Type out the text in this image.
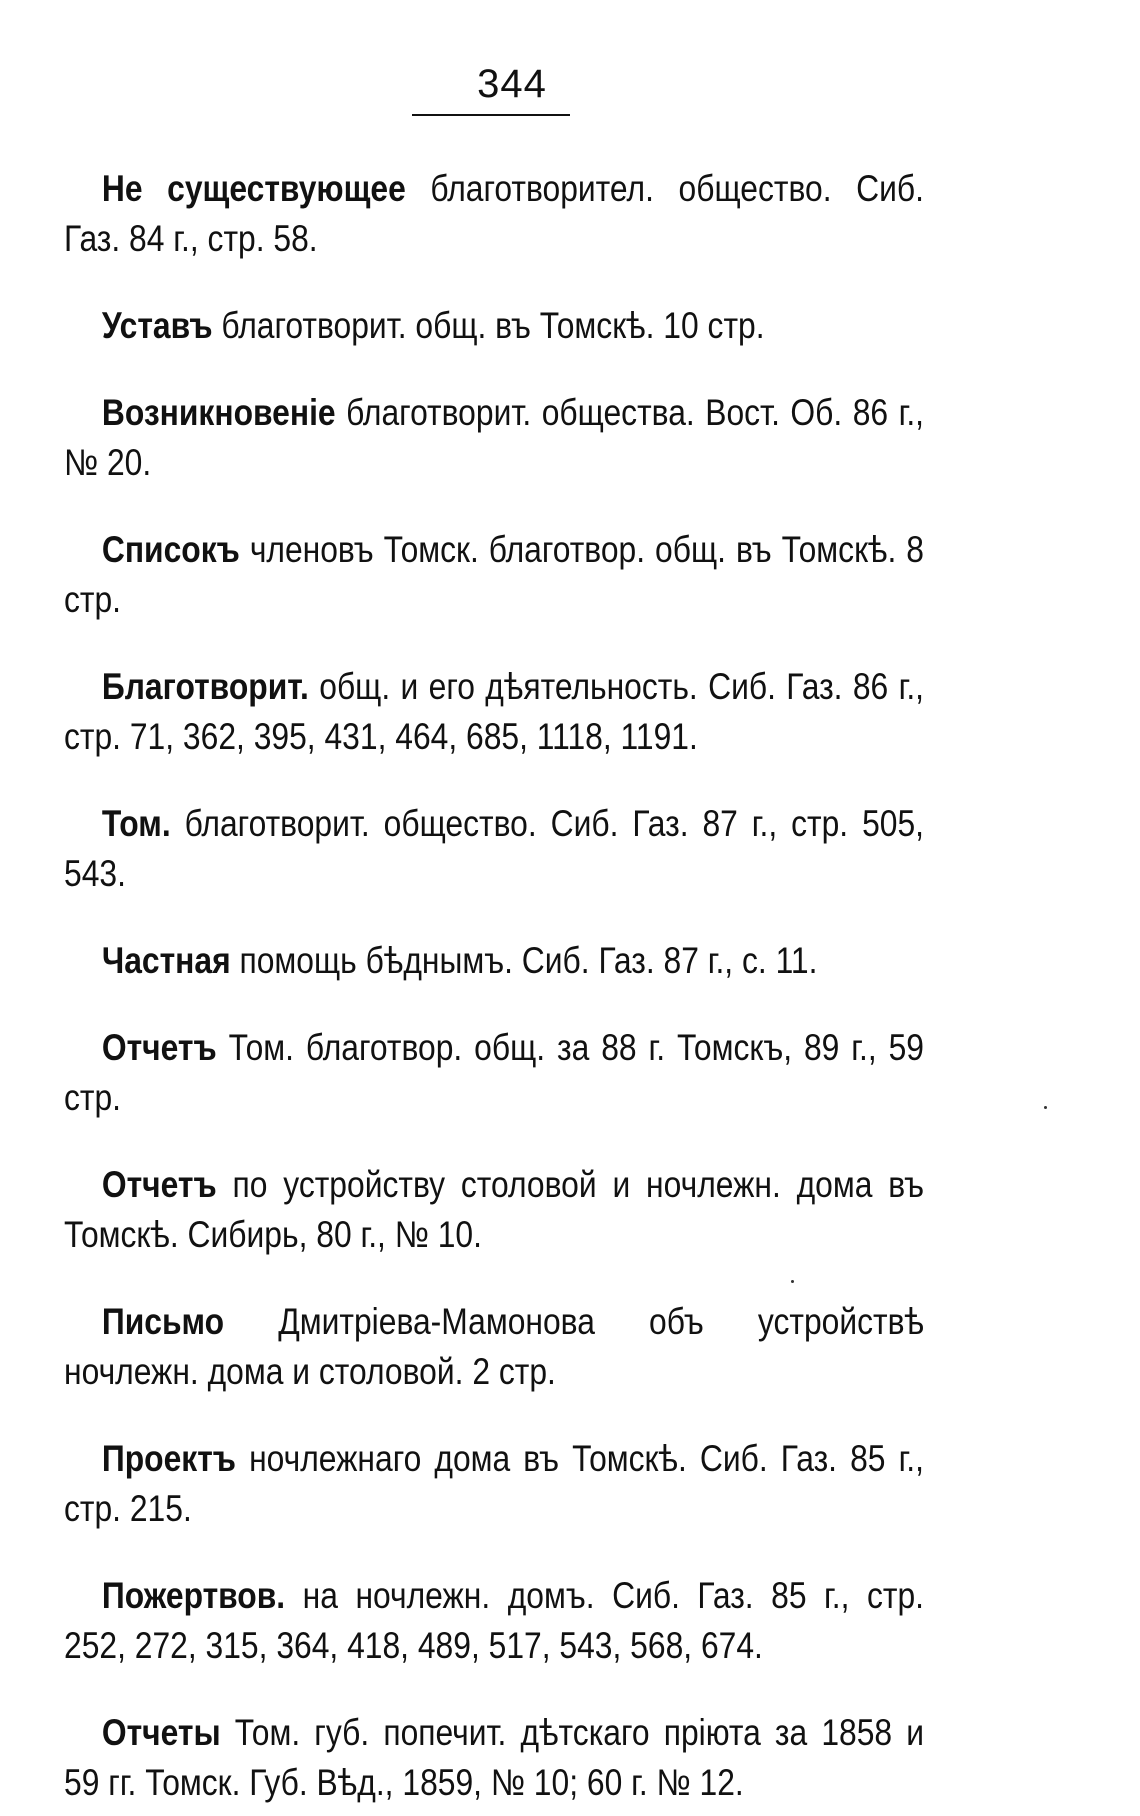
344

Не существующее благотворител. общество. Сиб. Газ. 84 г., стр. 58.

Уставъ благотворит. общ. въ Томскѣ. 10 стр.

Возникновеніе благотворит. общества. Вост. Об. 86 г., № 20.

Списокъ членовъ Томск. благотвор. общ. въ Томскѣ. 8 стр.

Благотворит. общ. и его дѣятельность. Сиб. Газ. 86 г., стр. 71, 362, 395, 431, 464, 685, 1118, 1191.

Том. благотворит. общество. Сиб. Газ. 87 г., стр. 505, 543.

Частная помощь бѣднымъ. Сиб. Газ. 87 г., с. 11.

Отчетъ Том. благотвор. общ. за 88 г. Томскъ, 89 г., 59 стр.

Отчетъ по устройству столовой и ночлежн. дома въ Томскѣ. Сибирь, 80 г., № 10.

Письмо Дмитріева-Мамонова объ устройствѣ ночлежн. дома и столовой. 2 стр.

Проектъ ночлежнаго дома въ Томскѣ. Сиб. Газ. 85 г., стр. 215.

Пожертвов. на ночлежн. домъ. Сиб. Газ. 85 г., стр. 252, 272, 315, 364, 418, 489, 517, 543, 568, 674.

Отчеты Том. губ. попечит. дѣтскаго пріюта за 1858 и 59 гг. Томск. Губ. Вѣд., 1859, № 10; 60 г. № 12.
